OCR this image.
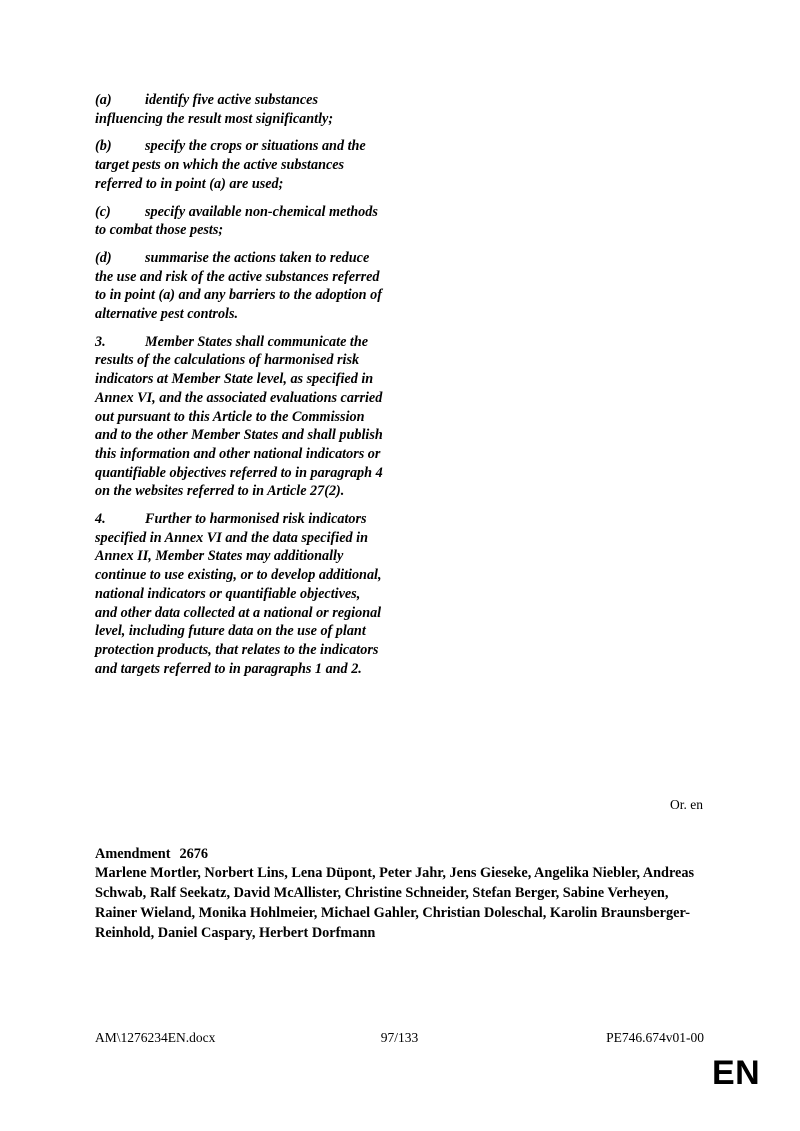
(a) identify five active substances influencing the result most significantly;

(b) specify the crops or situations and the target pests on which the active substances referred to in point (a) are used;

(c) specify available non-chemical methods to combat those pests;

(d) summarise the actions taken to reduce the use and risk of the active substances referred to in point (a) and any barriers to the adoption of alternative pest controls.

3.	Member States shall communicate the results of the calculations of harmonised risk indicators at Member State level, as specified in Annex VI, and the associated evaluations carried out pursuant to this Article to the Commission and to the other Member States and shall publish this information and other national indicators or quantifiable objectives referred to in paragraph 4 on the websites referred to in Article 27(2).

4.	Further to harmonised risk indicators specified in Annex VI and the data specified in Annex II, Member States may additionally continue to use existing, or to develop additional, national indicators or quantifiable objectives, and other data collected at a national or regional level, including future data on the use of plant protection products, that relates to the indicators and targets referred to in paragraphs 1 and 2.

Or. en
Amendment 2676
Marlene Mortler, Norbert Lins, Lena Düpont, Peter Jahr, Jens Gieseke, Angelika Niebler, Andreas Schwab, Ralf Seekatz, David McAllister, Christine Schneider, Stefan Berger, Sabine Verheyen, Rainer Wieland, Monika Hohlmeier, Michael Gahler, Christian Doleschal, Karolin Braunsberger-Reinhold, Daniel Caspary, Herbert Dorfmann
AM\1276234EN.docx	97/133	PE746.674v01-00
EN
